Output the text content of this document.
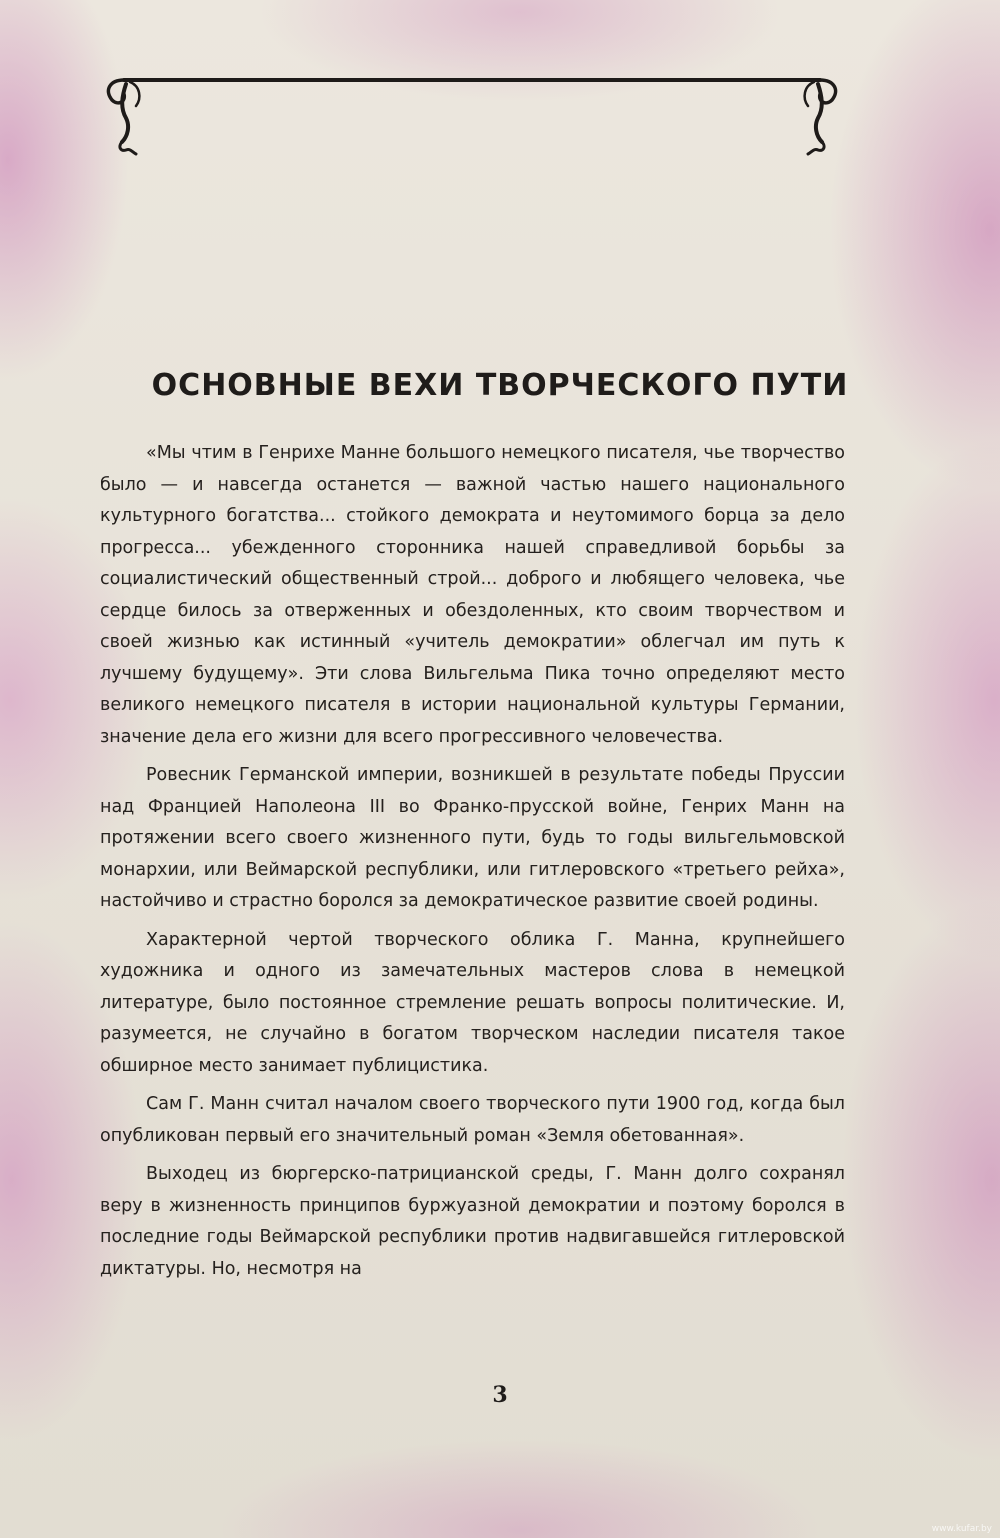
ОСНОВНЫЕ ВЕХИ ТВОРЧЕСКОГО ПУТИ

«Мы чтим в Генрихе Манне большого немецкого писателя, чье творчество было — и навсегда останется — важной частью нашего национального культурного богатства... стойкого демократа и неутомимого борца за дело прогресса... убежденного сторонника нашей справедливой борьбы за социалистический общественный строй... доброго и любящего человека, чье сердце билось за отверженных и обездоленных, кто своим творчеством и своей жизнью как истинный «учитель демократии» облегчал им путь к лучшему будущему». Эти слова Вильгельма Пика точно определяют место великого немецкого писателя в истории национальной культуры Германии, значение дела его жизни для всего прогрессивного человечества.

Ровесник Германской империи, возникшей в результате победы Пруссии над Францией Наполеона III во Франко-прусской войне, Генрих Манн на протяжении всего своего жизненного пути, будь то годы вильгельмовской монархии, или Веймарской республики, или гитлеровского «третьего рейха», настойчиво и страстно боролся за демократическое развитие своей родины.

Характерной чертой творческого облика Г. Манна, крупнейшего художника и одного из замечательных мастеров слова в немецкой литературе, было постоянное стремление решать вопросы политические. И, разумеется, не случайно в богатом творческом наследии писателя такое обширное место занимает публицистика.

Сам Г. Манн считал началом своего творческого пути 1900 год, когда был опубликован первый его значительный роман «Земля обетованная».

Выходец из бюргерско-патрицианской среды, Г. Манн долго сохранял веру в жизненность принципов буржуазной демократии и поэтому боролся в последние годы Веймарской республики против надвигавшейся гитлеровской диктатуры. Но, несмотря на

3
www.kufar.by
